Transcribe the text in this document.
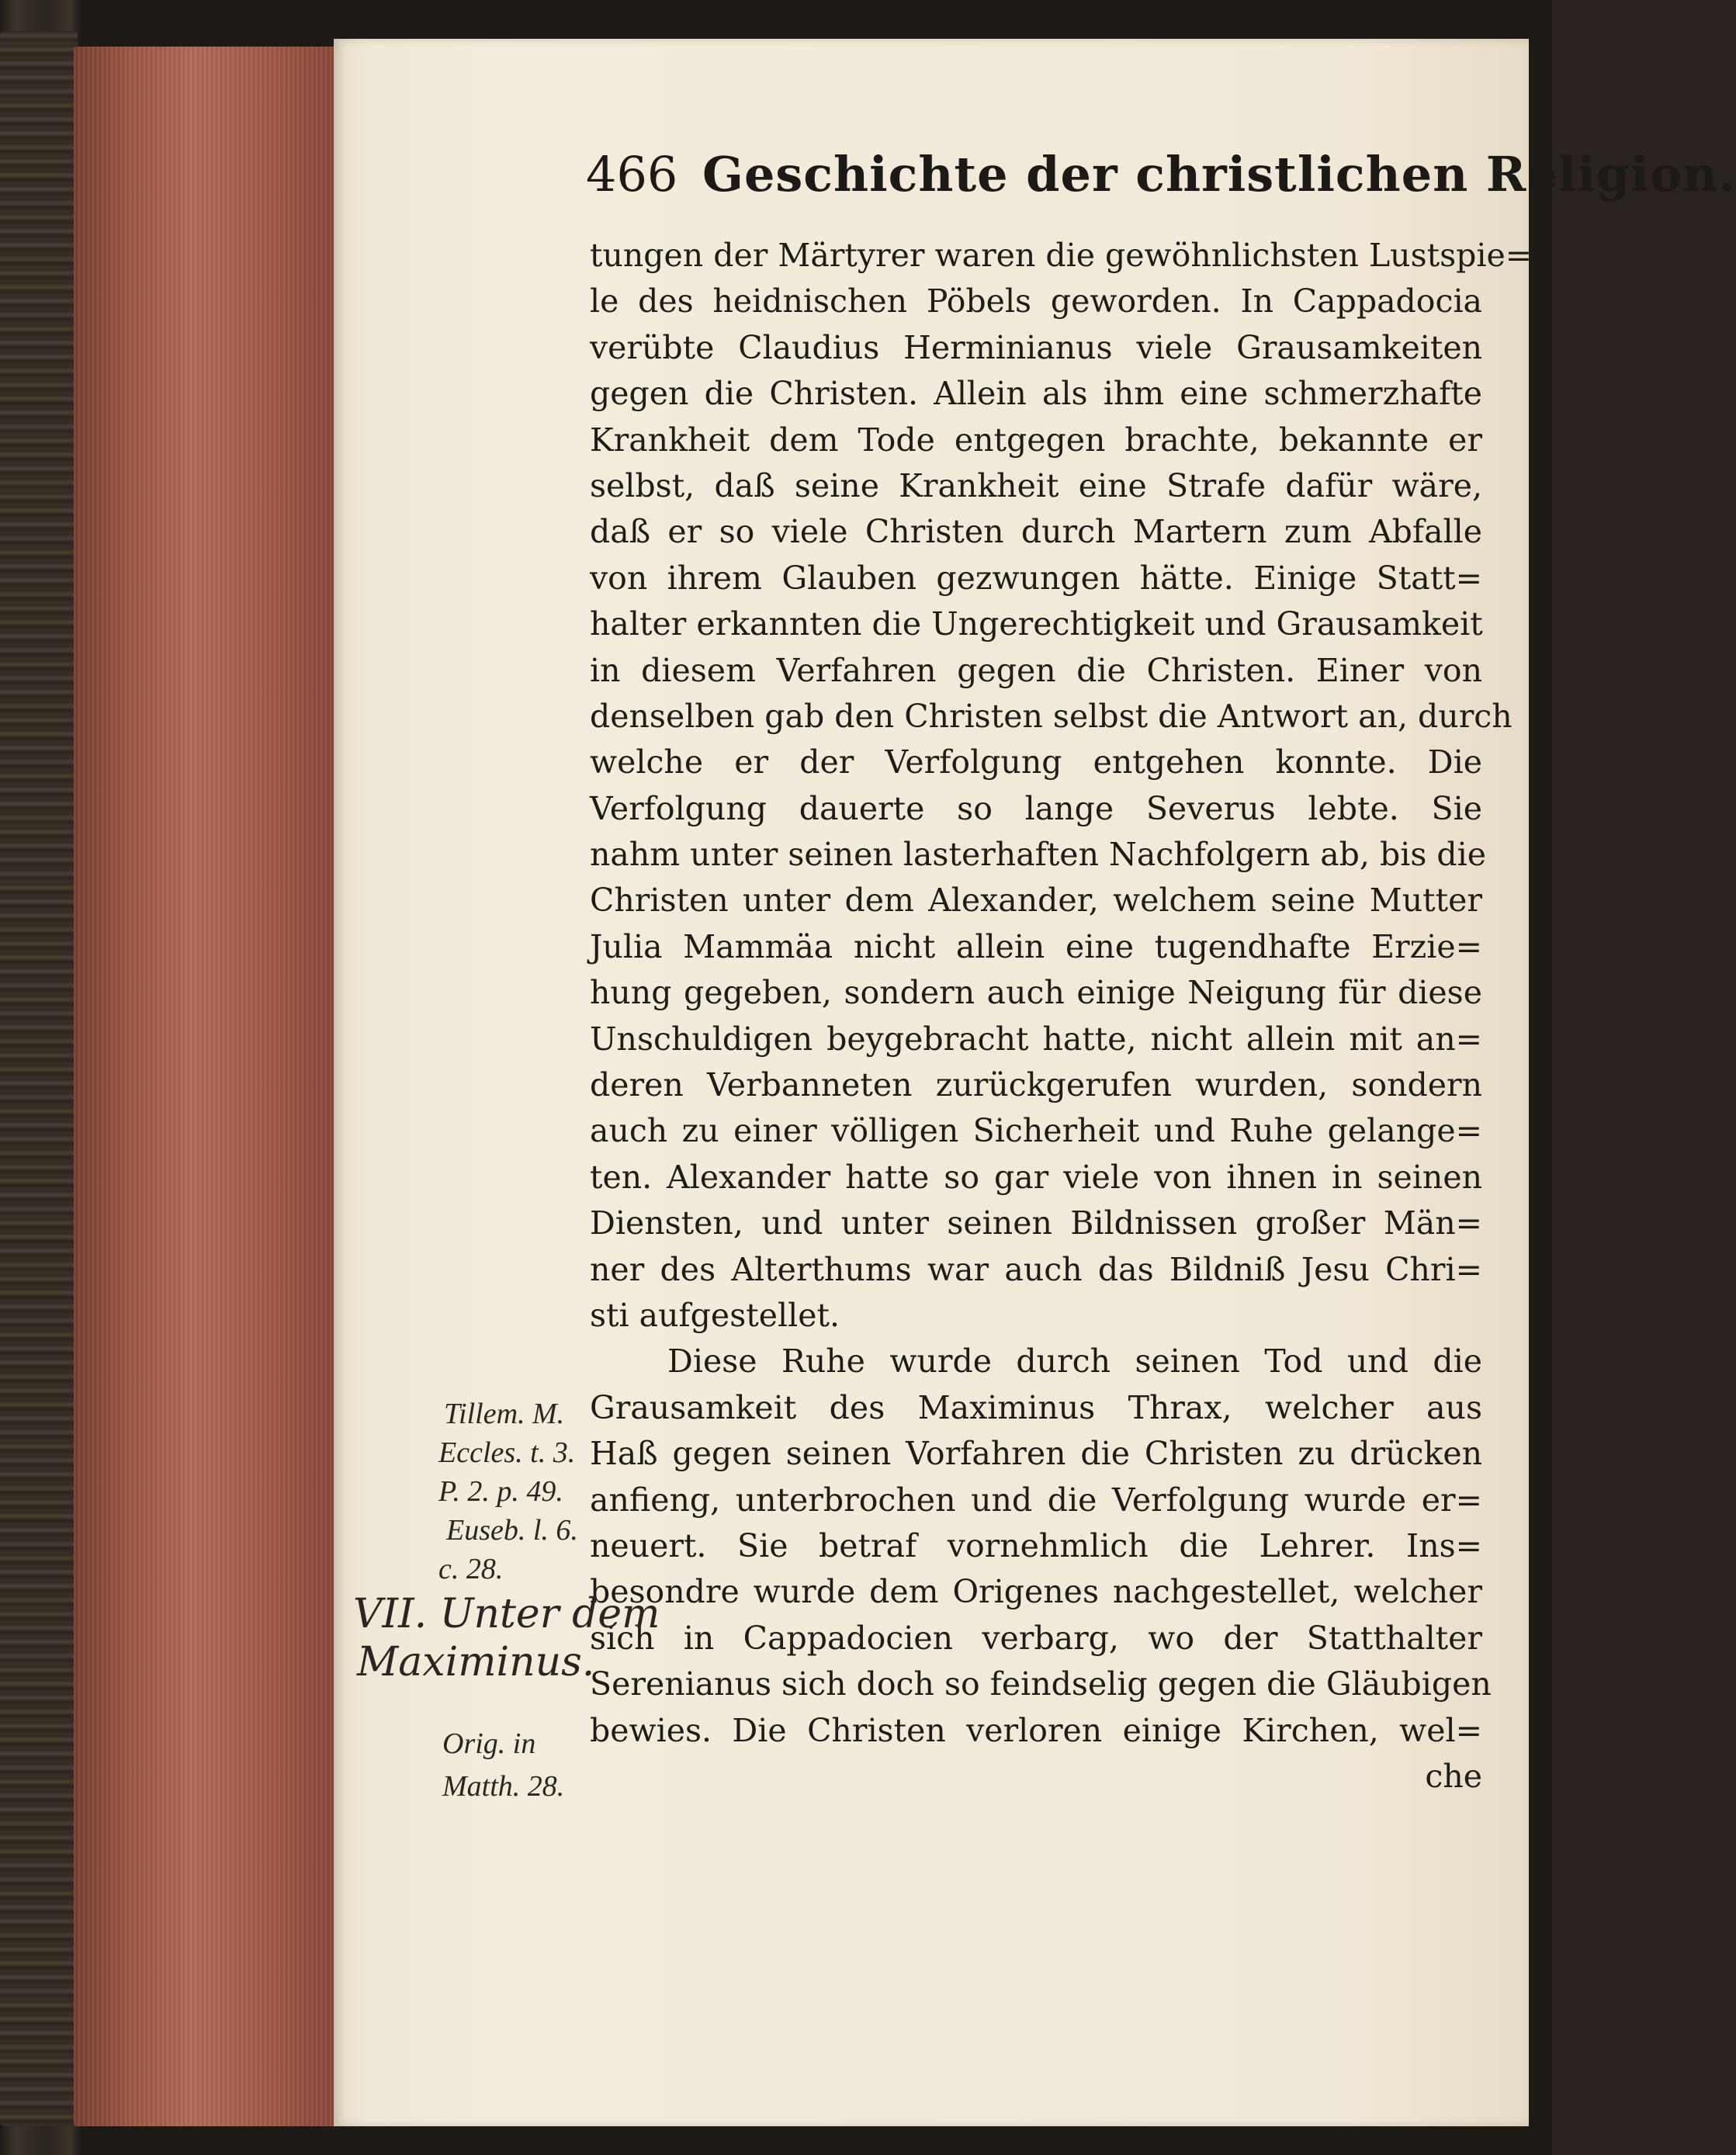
466 Geschichte der christlichen Religion.
tungen der Märtyrer waren die gewöhnlichsten Lustspie=
le des heidnischen Pöbels geworden. In Cappadocia
verübte Claudius Herminianus viele Grausamkeiten
gegen die Christen. Allein als ihm eine schmerzhafte
Krankheit dem Tode entgegen brachte, bekannte er
selbst, daß seine Krankheit eine Strafe dafür wäre,
daß er so viele Christen durch Martern zum Abfalle
von ihrem Glauben gezwungen hätte. Einige Statt=
halter erkannten die Ungerechtigkeit und Grausamkeit
in diesem Verfahren gegen die Christen. Einer von
denselben gab den Christen selbst die Antwort an, durch
welche er der Verfolgung entgehen konnte. Die
Verfolgung dauerte so lange Severus lebte. Sie
nahm unter seinen lasterhaften Nachfolgern ab, bis die
Christen unter dem Alexander, welchem seine Mutter
Julia Mammäa nicht allein eine tugendhafte Erzie=
hung gegeben, sondern auch einige Neigung für diese
Unschuldigen beygebracht hatte, nicht allein mit an=
deren Verbanneten zurückgerufen wurden, sondern
auch zu einer völligen Sicherheit und Ruhe gelange=
ten. Alexander hatte so gar viele von ihnen in seinen
Diensten, und unter seinen Bildnissen großer Män=
ner des Alterthums war auch das Bildniß Jesu Chri=
sti aufgestellet.
Diese Ruhe wurde durch seinen Tod und die
Grausamkeit des Maximinus Thrax, welcher aus
Haß gegen seinen Vorfahren die Christen zu drücken
anfieng, unterbrochen und die Verfolgung wurde er=
neuert. Sie betraf vornehmlich die Lehrer. Ins=
besondre wurde dem Origenes nachgestellet, welcher
sich in Cappadocien verbarg, wo der Statthalter
Serenianus sich doch so feindselig gegen die Gläubigen
bewies. Die Christen verloren einige Kirchen, wel=
che
Tillem. M.
Eccles. t. 3.
P. 2. p. 49.
Euseb. l. 6.
c. 28.
VII. Unter dem
Maximinus.
Orig. in
Matth. 28.
